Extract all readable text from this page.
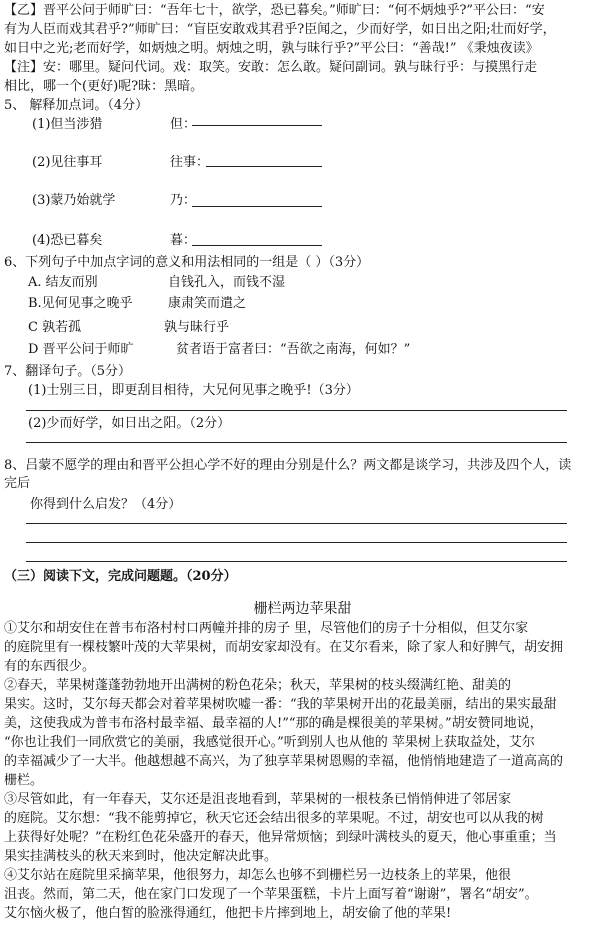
【乙】晋平公问于师旷曰：“吾年七十，欲学，恐已暮矣。”师旷曰：“何不炳烛乎?”平公曰：“安
有为人臣而戏其君乎?”师旷曰：“盲臣安敢戏其君乎?臣闻之，少而好学，如日出之阳;壮而好学，
如日中之光;老而好学，如炳烛之明。炳烛之明，孰与昧行乎?”平公曰：“善哉!” 《秉烛夜读》
【注】安：哪里。疑问代词。戏：取笑。安敢：怎么敢。疑问副词。孰与昧行乎：与摸黑行走
相比，哪一个(更好)呢?昧：黑暗。
5、 解释加点词。（4分）
(1)但当涉猎	但：
(2)见往事耳	往事：
(3)蒙乃始就学	乃：
(4)恐已暮矣	暮：
6、下列句子中加点字词的意义和用法相同的一组是（ ）（3分）
A. 结友而别	自钱孔入，而钱不湿
B.见何见事之晚乎	康肃笑而遣之
C 孰若孤	孰与昧行乎
D 晋平公问于师旷	贫者语于富者曰：“吾欲之南海，何如？”
7、翻译句子。（5分）
(1)士别三日，即更刮目相待，大兄何见事之晚乎!（3分）
(2)少而好学，如日出之阳。（2分）
8、吕蒙不愿学的理由和晋平公担心学不好的理由分别是什么？两文都是谈学习，共涉及四个人，读
完后
你得到什么启发？（4分）
（三）阅读下文，完成问题题。（20分）
栅栏两边苹果甜
①艾尔和胡安住在普韦布洛村村口两幢并排的房子 里，尽管他们的房子十分相似，但艾尔家
的庭院里有一棵枝繁叶茂的大苹果树，而胡安家却没有。在艾尔看来，除了家人和好脾气，胡安拥
有的东西很少。
②春天，苹果树蓬蓬勃勃地开出满树的粉色花朵；秋天，苹果树的枝头缀满红艳、甜美的
果实。这时，艾尔每天都会对着苹果树吹嘘一番：“我的苹果树开出的花最美丽，结出的果实最甜
美，这使我成为普韦布洛村最幸福、最幸福的人!”“那的确是棵很美的苹果树。”胡安赞同地说，
“你也让我们一同欣赏它的美丽，我感觉很开心。”听到别人也从他的 苹果树上获取益处，艾尔
的幸福减少了一大半。他越想越不高兴，为了独享苹果树恩赐的幸福，他悄悄地建造了一道高高的
栅栏。
③尽管如此，有一年春天，艾尔还是沮丧地看到，苹果树的一根枝条已悄悄伸进了邻居家
的庭院。艾尔想：“我不能剪掉它，秋天它还会结出很多的苹果呢。不过，胡安也可以从我的树
上获得好处呢？”在粉红色花朵盛开的春天，他异常烦恼；到绿叶满枝头的夏天，他心事重重；当
果实挂满枝头的秋天来到时，他决定解决此事。
④艾尔站在庭院里采摘苹果，他很努力，却怎么也够不到栅栏另一边枝条上的苹果，他很
沮丧。然而，第二天，他在家门口发现了一个苹果蛋糕，卡片上面写着“谢谢”，署名“胡安”。
艾尔恼火极了，他白皙的脸涨得通红，他把卡片摔到地上，胡安偷了他的苹果!
